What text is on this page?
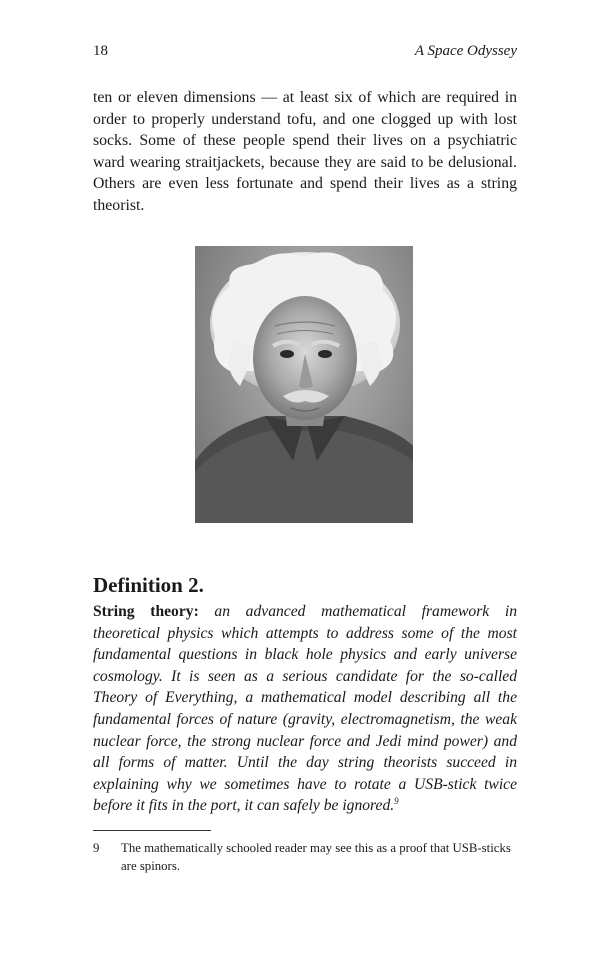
18	A Space Odyssey

ten or eleven dimensions — at least six of which are required in order to properly understand tofu, and one clogged up with lost socks. Some of these people spend their lives on a psychiatric ward wearing straitjackets, because they are said to be delusional. Others are even less fortunate and spend their lives as a string theorist.

Definition 2.

String theory: an advanced mathematical framework in theoretical physics which attempts to address some of the most fundamental questions in black hole physics and early universe cosmology. It is seen as a serious candidate for the so-called Theory of Everything, a mathematical model describing all the fundamental forces of nature (gravity, electromagnetism, the weak nuclear force, the strong nuclear force and Jedi mind power) and all forms of matter. Until the day string theorists succeed in explaining why we sometimes have to rotate a USB-stick twice before it fits in the port, it can safely be ignored.$^9$

9 The mathematically schooled reader may see this as a proof that USB-sticks are spinors.
